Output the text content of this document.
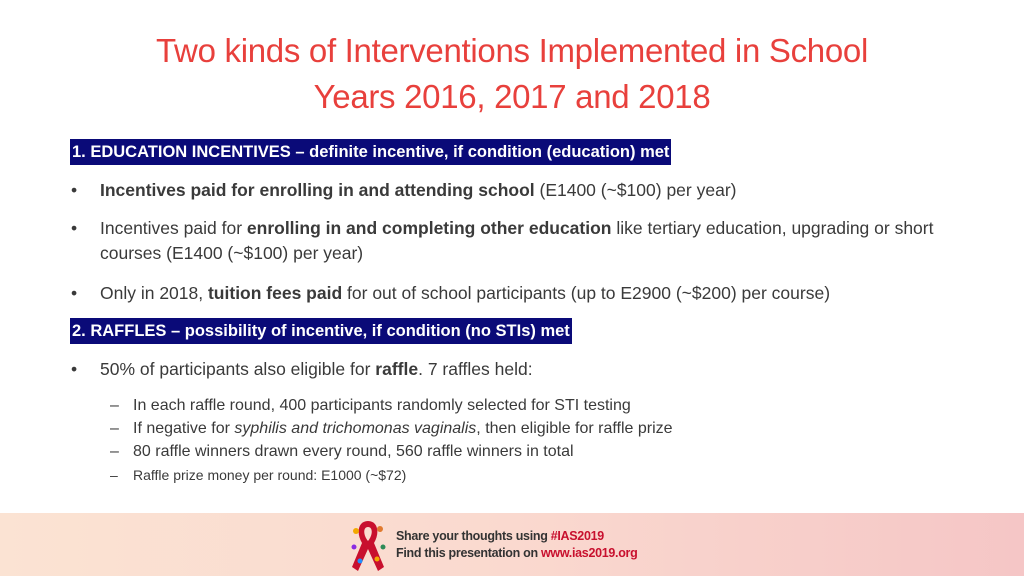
Two kinds of Interventions Implemented in School
Years 2016, 2017 and 2018
1. EDUCATION INCENTIVES – definite incentive, if condition (education) met
• Incentives paid for enrolling in and attending school (E1400 (~$100) per year)
• Incentives paid for enrolling in and completing other education like tertiary education, upgrading or short courses (E1400 (~$100) per year)
• Only in 2018, tuition fees paid for out of school participants (up to E2900 (~$200) per course)
2. RAFFLES – possibility of incentive, if condition (no STIs) met
• 50% of participants also eligible for raffle. 7 raffles held:
– In each raffle round, 400 participants randomly selected for STI testing
– If negative for syphilis and trichomonas vaginalis, then eligible for raffle prize
– 80 raffle winners drawn every round, 560 raffle winners in total
– Raffle prize money per round: E1000 (~$72)
Share your thoughts using #IAS2019
Find this presentation on www.ias2019.org
